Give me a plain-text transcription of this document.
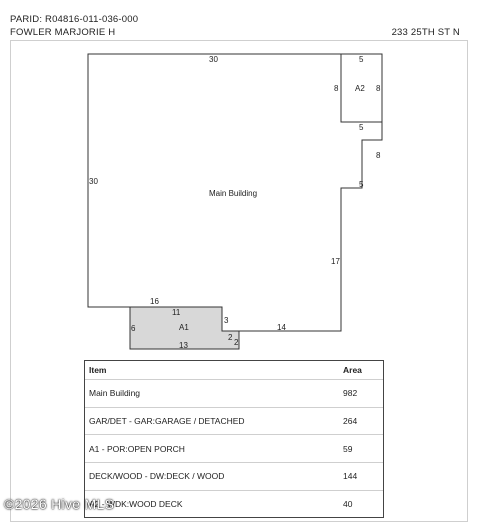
PARID: R04816-011-036-000
FOWLER MARJORIE H	233 25TH ST N
Main Building
A2
A1
30
30
5
8	8
5
8
5
17
14
16
11
6
3
2
2
13
Item	Area
Main Building	982
GAR/DET - GAR:GARAGE / DETACHED	264
A1 - POR:OPEN PORCH	59
DECK/WOOD - DW:DECK / WOOD	144
A2 - WDK:WOOD DECK	40
©2026 Hive MLS
